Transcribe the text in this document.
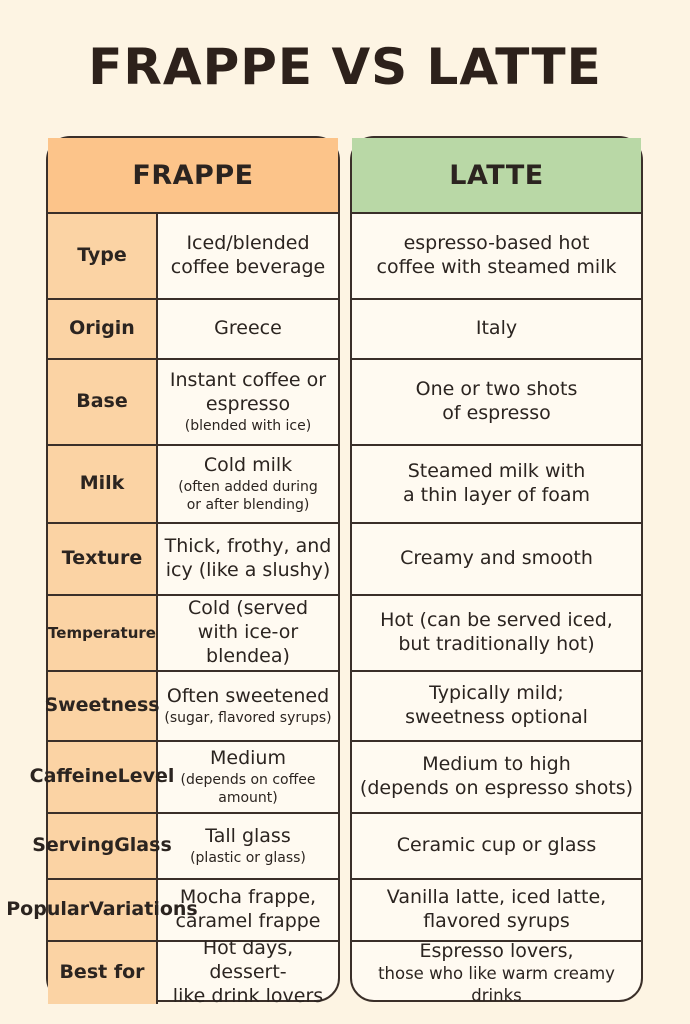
FRAPPE VS LATTE
FRAPPE
Type
Iced/blended
coffee beverage
Origin	Greece
Base
Instant coffee or
espresso
(blended with ice)
Milk
Cold milk
(often added during
or after blending)
Texture
Thick, frothy, and
icy (like a slushy)
Temperature
Cold (served
with ice-or blendea)
Sweetness Often sweetened
(sugar, flavored syrups)
Caffeine Level
Medium
(depends on coffee amount)
Serving Glass Tall glass
(plastic or glass)
Popular Variations
Mocha frappe,
caramel frappe
Best for
Hot days, dessert-
like drink lovers
LATTE
espresso-based hot
coffee with steamed milk
Italy
One or two shots
of espresso
Steamed milk with
a thin layer of foam
Creamy and smooth
Hot (can be served iced,
but traditionally hot)
Typically mild;
sweetness optional
Medium to high
(depends on espresso shots)
Ceramic cup or glass
Vanilla latte, iced latte,
flavored syrups
Espresso lovers,
those who like warm creamy drinks
